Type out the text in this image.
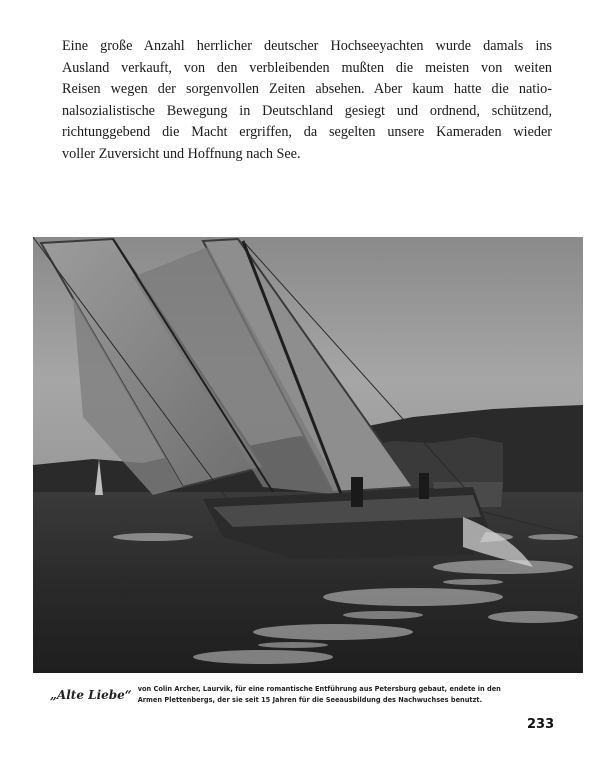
Eine große Anzahl herrlicher deutscher Hochseeyachten wurde damals ins
Ausland verkauft, von den verbleibenden mußten die meisten von weiten
Reisen wegen der sorgenvollen Zeiten absehen. Aber kaum hatte die natio-
nalsozialistische Bewegung in Deutschland gesiegt und ordnend, schützend,
richtunggebend die Macht ergriffen, da segelten unsere Kameraden wieder
voller Zuversicht und Hoffnung nach See.
„Alte Liebe“ von Colin Archer, Laurvik, für eine romantische Entführung aus Petersburg gebaut, endete in den
Armen Plettenbergs, der sie seit 15 Jahren für die Seeausbildung des Nachwuchses benutzt.
233
